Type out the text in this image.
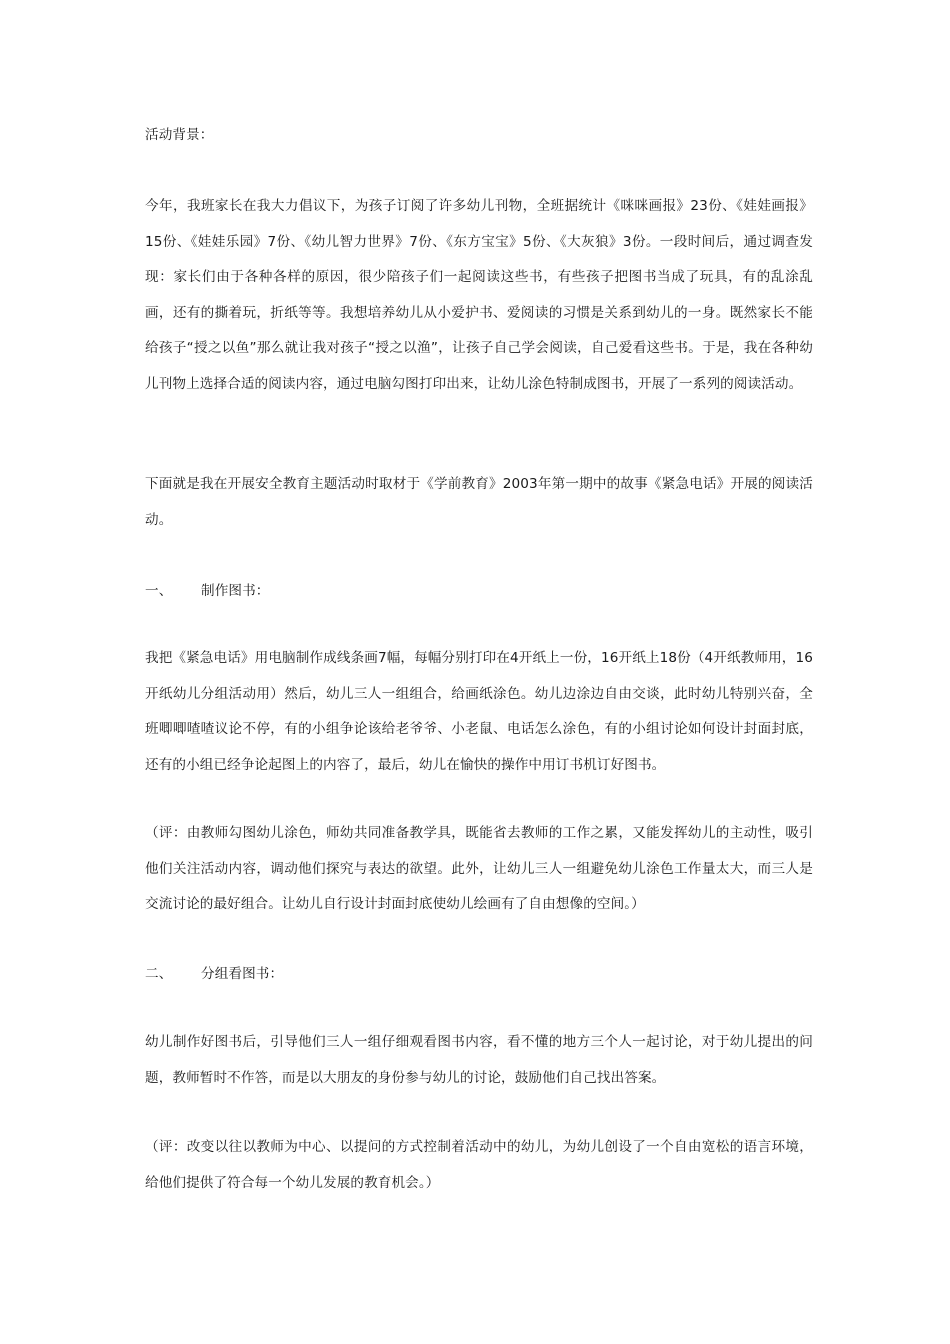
活动背景：

今年，我班家长在我大力倡议下，为孩子订阅了许多幼儿刊物，全班据统计《咪咪画报》23份、《娃娃画报》15份、《娃娃乐园》7份、《幼儿智力世界》7份、《东方宝宝》5份、《大灰狼》3份。一段时间后，通过调查发现：家长们由于各种各样的原因，很少陪孩子们一起阅读这些书，有些孩子把图书当成了玩具，有的乱涂乱画，还有的撕着玩，折纸等等。我想培养幼儿从小爱护书、爱阅读的习惯是关系到幼儿的一身。既然家长不能给孩子“授之以鱼”那么就让我对孩子“授之以渔”，让孩子自己学会阅读，自己爱看这些书。于是，我在各种幼儿刊物上选择合适的阅读内容，通过电脑勾图打印出来，让幼儿涂色特制成图书，开展了一系列的阅读活动。

下面就是我在开展安全教育主题活动时取材于《学前教育》2003年第一期中的故事《紧急电话》开展的阅读活动。

一、 制作图书：

我把《紧急电话》用电脑制作成线条画7幅，每幅分别打印在4开纸上一份，16开纸上18份（4开纸教师用，16开纸幼儿分组活动用）然后，幼儿三人一组组合，给画纸涂色。幼儿边涂边自由交谈，此时幼儿特别兴奋，全班唧唧喳喳议论不停，有的小组争论该给老爷爷、小老鼠、电话怎么涂色，有的小组讨论如何设计封面封底，还有的小组已经争论起图上的内容了，最后，幼儿在愉快的操作中用订书机订好图书。

（评：由教师勾图幼儿涂色，师幼共同准备教学具，既能省去教师的工作之累，又能发挥幼儿的主动性，吸引他们关注活动内容，调动他们探究与表达的欲望。此外，让幼儿三人一组避免幼儿涂色工作量太大，而三人是交流讨论的最好组合。让幼儿自行设计封面封底使幼儿绘画有了自由想像的空间。）

二、 分组看图书：

幼儿制作好图书后，引导他们三人一组仔细观看图书内容，看不懂的地方三个人一起讨论，对于幼儿提出的问题，教师暂时不作答，而是以大朋友的身份参与幼儿的讨论，鼓励他们自己找出答案。

（评：改变以往以教师为中心、以提问的方式控制着活动中的幼儿，为幼儿创设了一个自由宽松的语言环境，给他们提供了符合每一个幼儿发展的教育机会。）
